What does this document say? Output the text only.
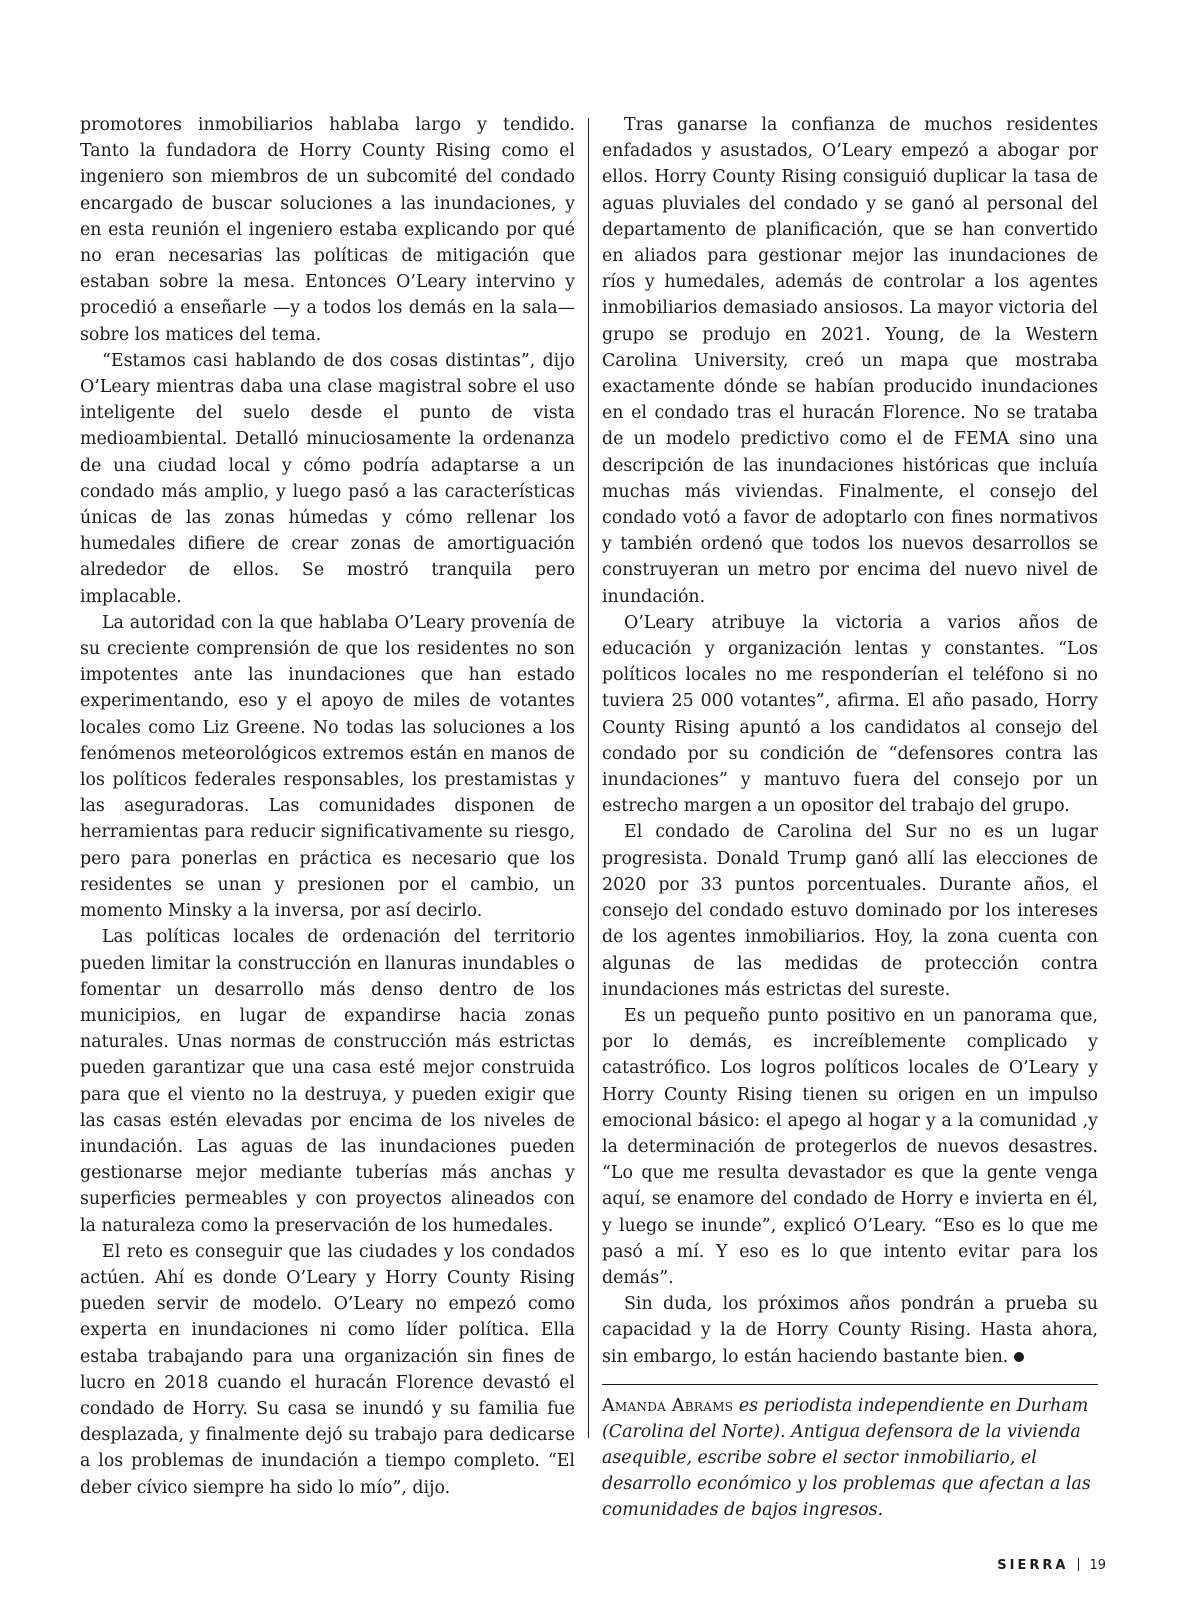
promotores inmobiliarios hablaba largo y tendido. Tanto la fundadora de Horry County Rising como el ingeniero son miembros de un subcomité del condado encargado de buscar soluciones a las inundaciones, y en esta reunión el ingeniero estaba explicando por qué no eran necesarias las políticas de mitigación que estaban sobre la mesa. Entonces O’Leary intervino y procedió a enseñarle —y a todos los demás en la sala— sobre los matices del tema.

“Estamos casi hablando de dos cosas distintas”, dijo O’Leary mientras daba una clase magistral sobre el uso inteligente del suelo desde el punto de vista medioambiental. Detalló minuciosamente la ordenanza de una ciudad local y cómo podría adaptarse a un condado más amplio, y luego pasó a las características únicas de las zonas húmedas y cómo rellenar los humedales difiere de crear zonas de amortiguación alrededor de ellos. Se mostró tranquila pero implacable.

La autoridad con la que hablaba O’Leary provenía de su creciente comprensión de que los residentes no son impotentes ante las inundaciones que han estado experimentando, eso y el apoyo de miles de votantes locales como Liz Greene. No todas las soluciones a los fenómenos meteorológicos extremos están en manos de los políticos federales responsables, los prestamistas y las aseguradoras. Las comunidades disponen de herramientas para reducir significativamente su riesgo, pero para ponerlas en práctica es necesario que los residentes se unan y presionen por el cambio, un momento Minsky a la inversa, por así decirlo.

Las políticas locales de ordenación del territorio pueden limitar la construcción en llanuras inundables o fomentar un desarrollo más denso dentro de los municipios, en lugar de expandirse hacia zonas naturales. Unas normas de construcción más estrictas pueden garantizar que una casa esté mejor construida para que el viento no la destruya, y pueden exigir que las casas estén elevadas por encima de los niveles de inundación. Las aguas de las inundaciones pueden gestionarse mejor mediante tuberías más anchas y superficies permeables y con proyectos alineados con la naturaleza como la preservación de los humedales.

El reto es conseguir que las ciudades y los condados actúen. Ahí es donde O’Leary y Horry County Rising pueden servir de modelo. O’Leary no empezó como experta en inundaciones ni como líder política. Ella estaba trabajando para una organización sin fines de lucro en 2018 cuando el huracán Florence devastó el condado de Horry. Su casa se inundó y su familia fue desplazada, y finalmente dejó su trabajo para dedicarse a los problemas de inundación a tiempo completo. “El deber cívico siempre ha sido lo mío”, dijo.

Tras ganarse la confianza de muchos residentes enfadados y asustados, O’Leary empezó a abogar por ellos. Horry County Rising consiguió duplicar la tasa de aguas pluviales del condado y se ganó al personal del departamento de planificación, que se han convertido en aliados para gestionar mejor las inundaciones de ríos y humedales, además de controlar a los agentes inmobiliarios demasiado ansiosos. La mayor victoria del grupo se produjo en 2021. Young, de la Western Carolina University, creó un mapa que mostraba exactamente dónde se habían producido inundaciones en el condado tras el huracán Florence. No se trataba de un modelo predictivo como el de FEMA sino una descripción de las inundaciones históricas que incluía muchas más viviendas. Finalmente, el consejo del condado votó a favor de adoptarlo con fines normativos y también ordenó que todos los nuevos desarrollos se construyeran un metro por encima del nuevo nivel de inundación.

O’Leary atribuye la victoria a varios años de educación y organización lentas y constantes. “Los políticos locales no me responderían el teléfono si no tuviera 25 000 votantes”, afirma. El año pasado, Horry County Rising apuntó a los candidatos al consejo del condado por su condición de “defensores contra las inundaciones” y mantuvo fuera del consejo por un estrecho margen a un opositor del trabajo del grupo.

El condado de Carolina del Sur no es un lugar progresista. Donald Trump ganó allí las elecciones de 2020 por 33 puntos porcentuales. Durante años, el consejo del condado estuvo dominado por los intereses de los agentes inmobiliarios. Hoy, la zona cuenta con algunas de las medidas de protección contra inundaciones más estrictas del sureste.

Es un pequeño punto positivo en un panorama que, por lo demás, es increíblemente complicado y catastrófico. Los logros políticos locales de O’Leary y Horry County Rising tienen su origen en un impulso emocional básico: el apego al hogar y a la comunidad ,y la determinación de protegerlos de nuevos desastres. “Lo que me resulta devastador es que la gente venga aquí, se enamore del condado de Horry e invierta en él, y luego se inunde”, explicó O’Leary. “Eso es lo que me pasó a mí. Y eso es lo que intento evitar para los demás”.

Sin duda, los próximos años pondrán a prueba su capacidad y la de Horry County Rising. Hasta ahora, sin embargo, lo están haciendo bastante bien.

Amanda Abrams es periodista independiente en Durham (Carolina del Norte). Antigua defensora de la vivienda asequible, escribe sobre el sector inmobiliario, el desarrollo económico y los problemas que afectan a las comunidades de bajos ingresos.

SIERRA 19
